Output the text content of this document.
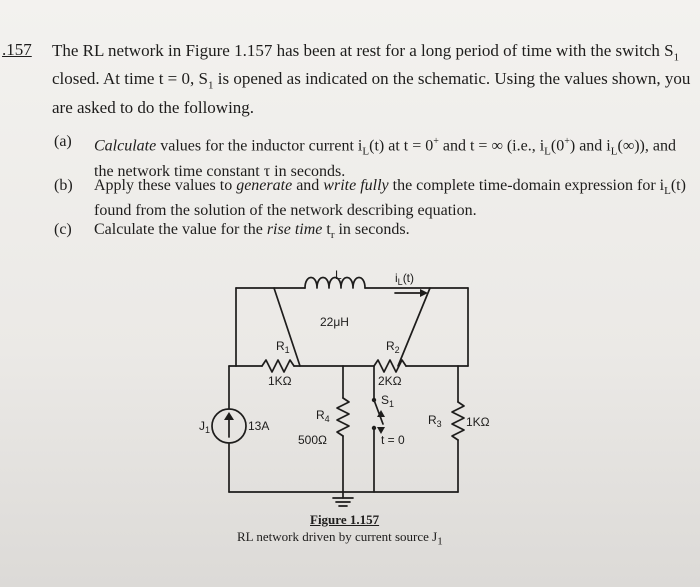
.157 The RL network in Figure 1.157 has been at rest for a long period of time with the switch $S_1$ closed. At time t = 0, $S_1$ is opened as indicated on the schematic. Using the values shown, you are asked to do the following.
(a) Calculate values for the inductor current $i_L(t)$ at t = 0+ and t = ∞ (i.e., $i_L(0^+)$ and $i_L(\infty)$), and the network time constant τ in seconds.
(b) Apply these values to generate and write fully the complete time-domain expression for $i_L(t)$ found from the solution of the network describing equation.
(c) Calculate the value for the rise time $t_r$ in seconds.
L
22μH
$i_L(t)$
$R_1$
1KΩ
$R_2$
2KΩ
$R_4$
500Ω
$R_3$ 1KΩ
$J_1$	13A
$S_1$
t = 0
Figure 1.157
RL network driven by current source $J_1$
